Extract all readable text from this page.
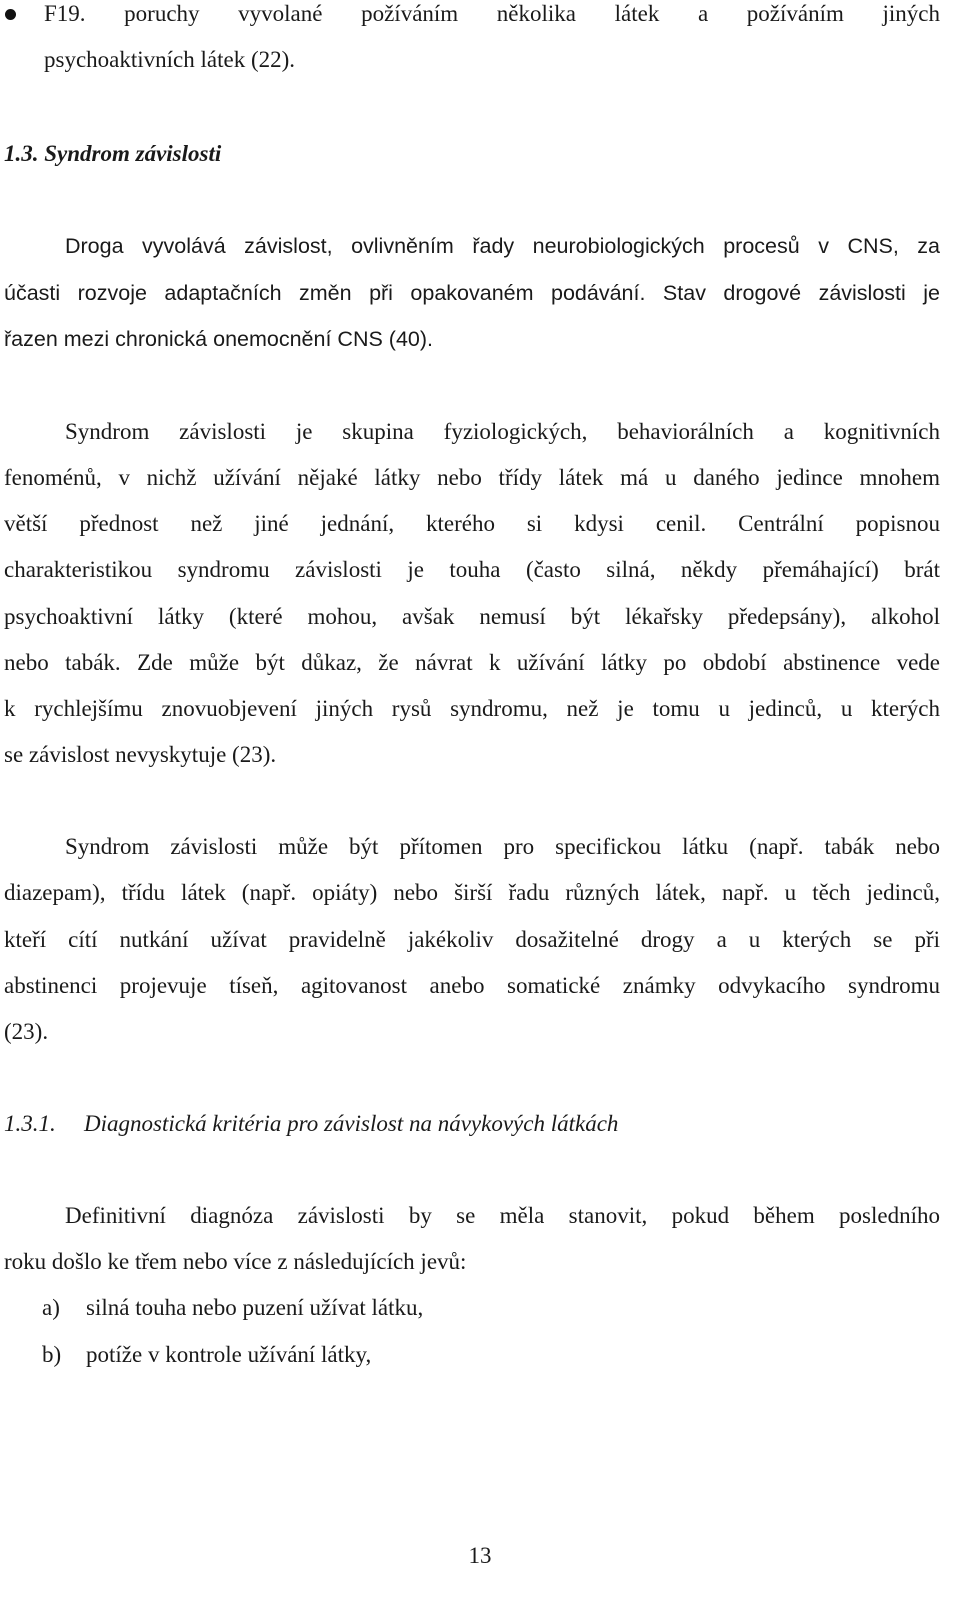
F19. poruchy vyvolané požíváním několika látek a požíváním jiných
psychoaktivních látek (22).
1.3. Syndrom závislosti
Droga vyvolává závislost, ovlivněním řady neurobiologických procesů v CNS, za
účasti rozvoje adaptačních změn při opakovaném podávání. Stav drogové závislosti je
řazen mezi chronická onemocnění CNS (40).
Syndrom závislosti je skupina fyziologických, behaviorálních a kognitivních
fenoménů, v nichž užívání nějaké látky nebo třídy látek má u daného jedince mnohem
větší přednost než jiné jednání, kterého si kdysi cenil. Centrální popisnou
charakteristikou syndromu závislosti je touha (často silná, někdy přemáhající) brát
psychoaktivní látky (které mohou, avšak nemusí být lékařsky předepsány), alkohol
nebo tabák. Zde může být důkaz, že návrat k užívání látky po období abstinence vede
k rychlejšímu znovuobjevení jiných rysů syndromu, než je tomu u jedinců, u kterých
se závislost nevyskytuje (23).
Syndrom závislosti může být přítomen pro specifickou látku (např. tabák nebo
diazepam), třídu látek (např. opiáty) nebo širší řadu různých látek, např. u těch jedinců,
kteří cítí nutkání užívat pravidelně jakékoliv dosažitelné drogy a u kterých se při
abstinenci projevuje tíseň, agitovanost anebo somatické známky odvykacího syndromu
(23).
1.3.1. Diagnostická kritéria pro závislost na návykových látkách
Definitivní diagnóza závislosti by se měla stanovit, pokud během posledního
roku došlo ke třem nebo více z následujících jevů:
a)	silná touha nebo puzení užívat látku,
b)	potíže v kontrole užívání látky,
13
